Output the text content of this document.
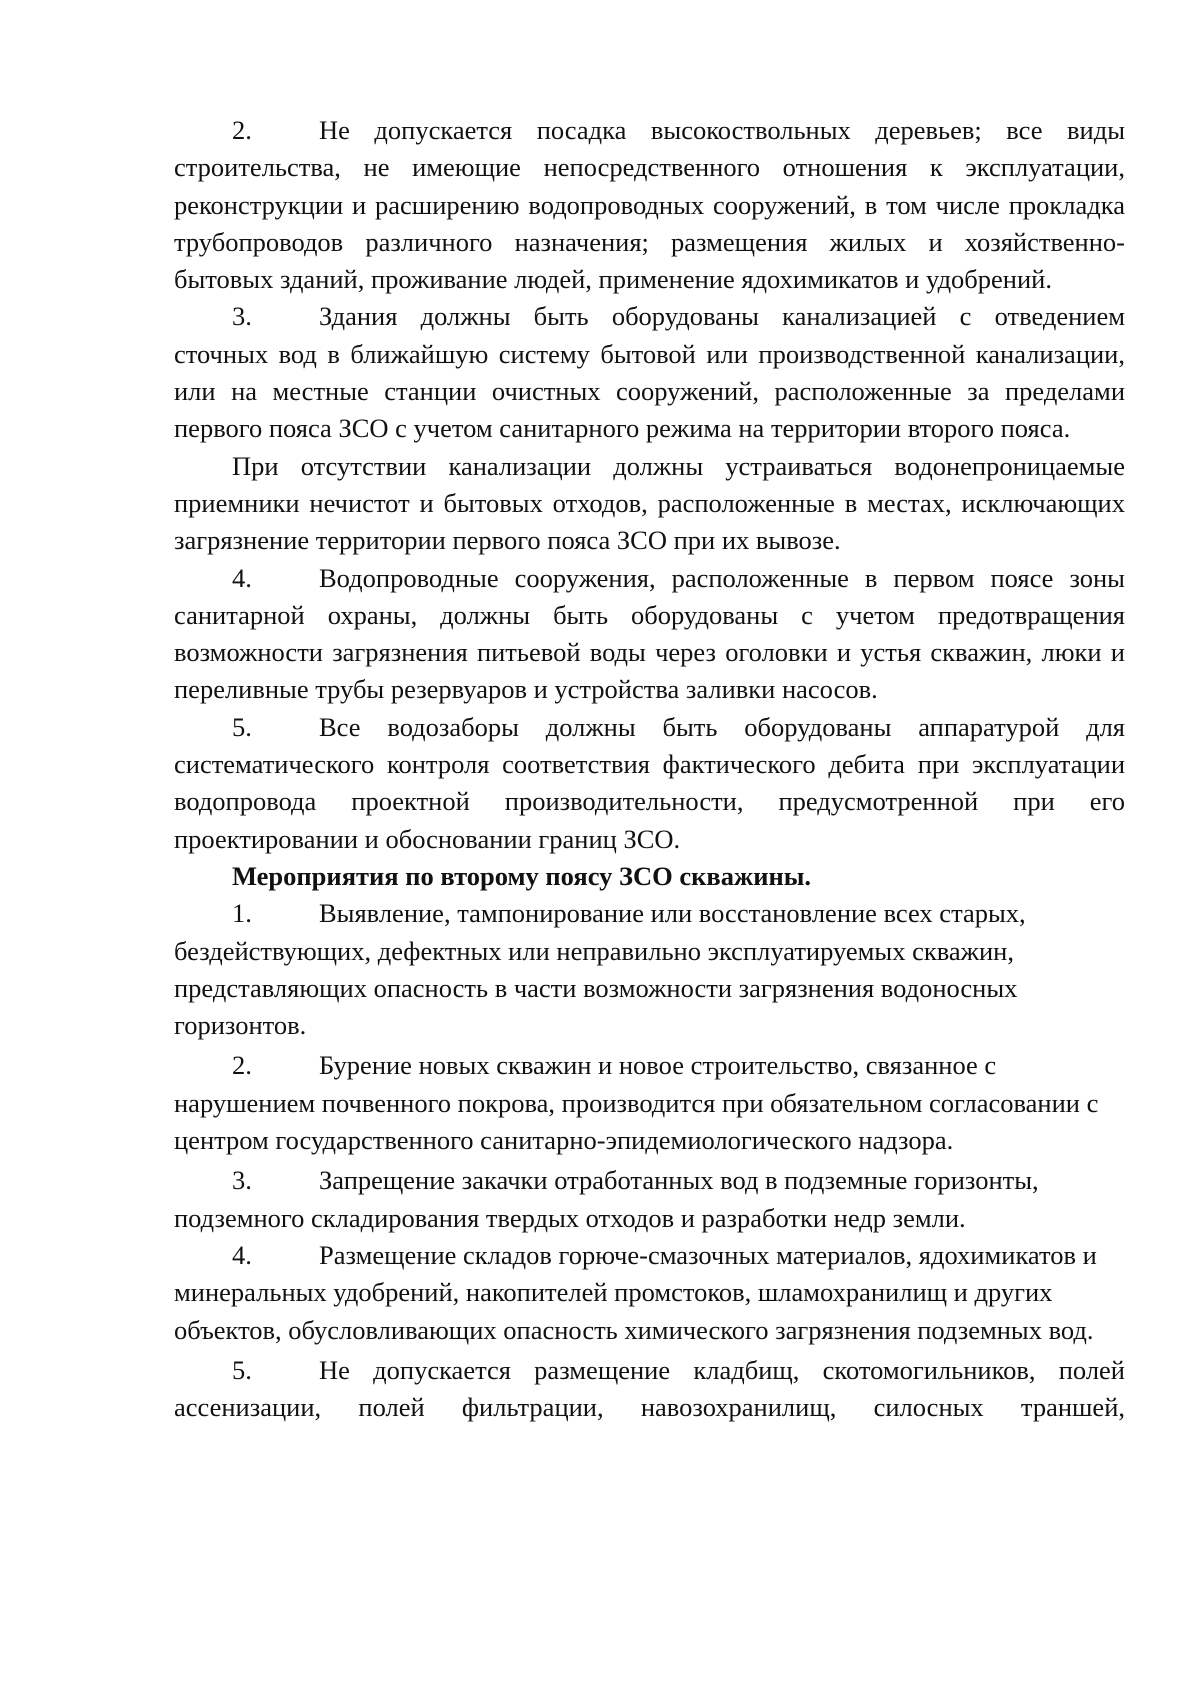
2.	Не допускается посадка высокоствольных деревьев; все виды строительства, не имеющие непосредственного отношения к эксплуатации, реконструкции и расширению водопроводных сооружений, в том числе прокладка трубопроводов различного назначения; размещения жилых и хозяйственно-бытовых зданий, проживание людей, применение ядохимикатов и удобрений.

3.	Здания должны быть оборудованы канализацией с отведением сточных вод в ближайшую систему бытовой или производственной канализации, или на местные станции очистных сооружений, расположенные за пределами первого пояса ЗСО с учетом санитарного режима на территории второго пояса.

При отсутствии канализации должны устраиваться водонепроницаемые приемники нечистот и бытовых отходов, расположенные в местах, исключающих загрязнение территории первого пояса ЗСО при их вывозе.

4.	Водопроводные сооружения, расположенные в первом поясе зоны санитарной охраны, должны быть оборудованы с учетом предотвращения возможности загрязнения питьевой воды через оголовки и устья скважин, люки и переливные трубы резервуаров и устройства заливки насосов.

5.	Все водозаборы должны быть оборудованы аппаратурой для систематического контроля соответствия фактического дебита при эксплуатации водопровода проектной производительности, предусмотренной при его проектировании и обосновании границ ЗСО.

Мероприятия по второму поясу ЗСО скважины.

1.	Выявление, тампонирование или восстановление всех старых, бездействующих, дефектных или неправильно эксплуатируемых скважин, представляющих опасность в части возможности загрязнения водоносных горизонтов.

2.	Бурение новых скважин и новое строительство, связанное с нарушением почвенного покрова, производится при обязательном согласовании с центром государственного санитарно-эпидемиологического надзора.

3.	Запрещение закачки отработанных вод в подземные горизонты, подземного складирования твердых отходов и разработки недр земли.

4.	Размещение складов горюче-смазочных материалов, ядохимикатов и минеральных удобрений, накопителей промстоков, шламохранилищ и других объектов, обусловливающих опасность химического загрязнения подземных вод.

5.	Не допускается размещение кладбищ, скотомогильников, полей ассенизации, полей фильтрации, навозохранилищ, силосных траншей,
